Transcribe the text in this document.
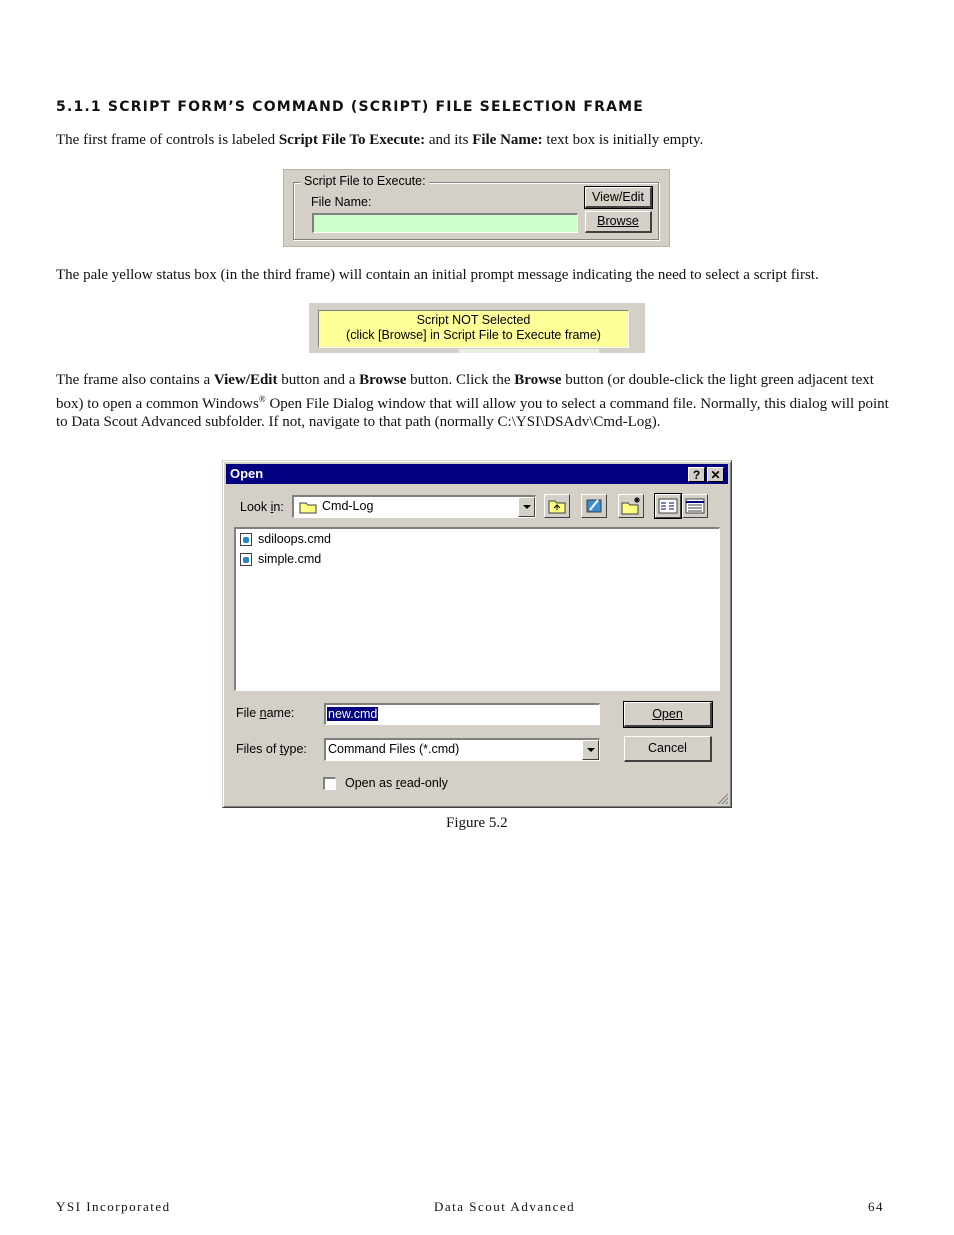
5.1.1 SCRIPT FORM’S COMMAND (SCRIPT) FILE SELECTION FRAME
The first frame of controls is labeled Script File To Execute: and its File Name: text box is initially empty.
Script File to Execute:
File Name:	View/Edit
Browse
The pale yellow status box (in the third frame) will contain an initial prompt message indicating the need to select a script first.
Script NOT Selected
(click [Browse] in Script File to Execute frame)
The frame also contains a View/Edit button and a Browse button. Click the Browse button (or double-click the light green adjacent text box) to open a common Windows® Open File Dialog window that will allow you to select a command file. Normally, this dialog will point to Data Scout Advanced subfolder. If not, navigate to that path (normally C:\YSI\DSAdv\Cmd-Log).
Open	? ✕
Look in:	Cmd-Log
sdiloops.cmd
simple.cmd
File name:	new.cmd
Files of type: Command Files (*.cmd)
Open
Cancel
Open as read-only
Figure 5.2
YSI Incorporated	Data Scout Advanced	64
